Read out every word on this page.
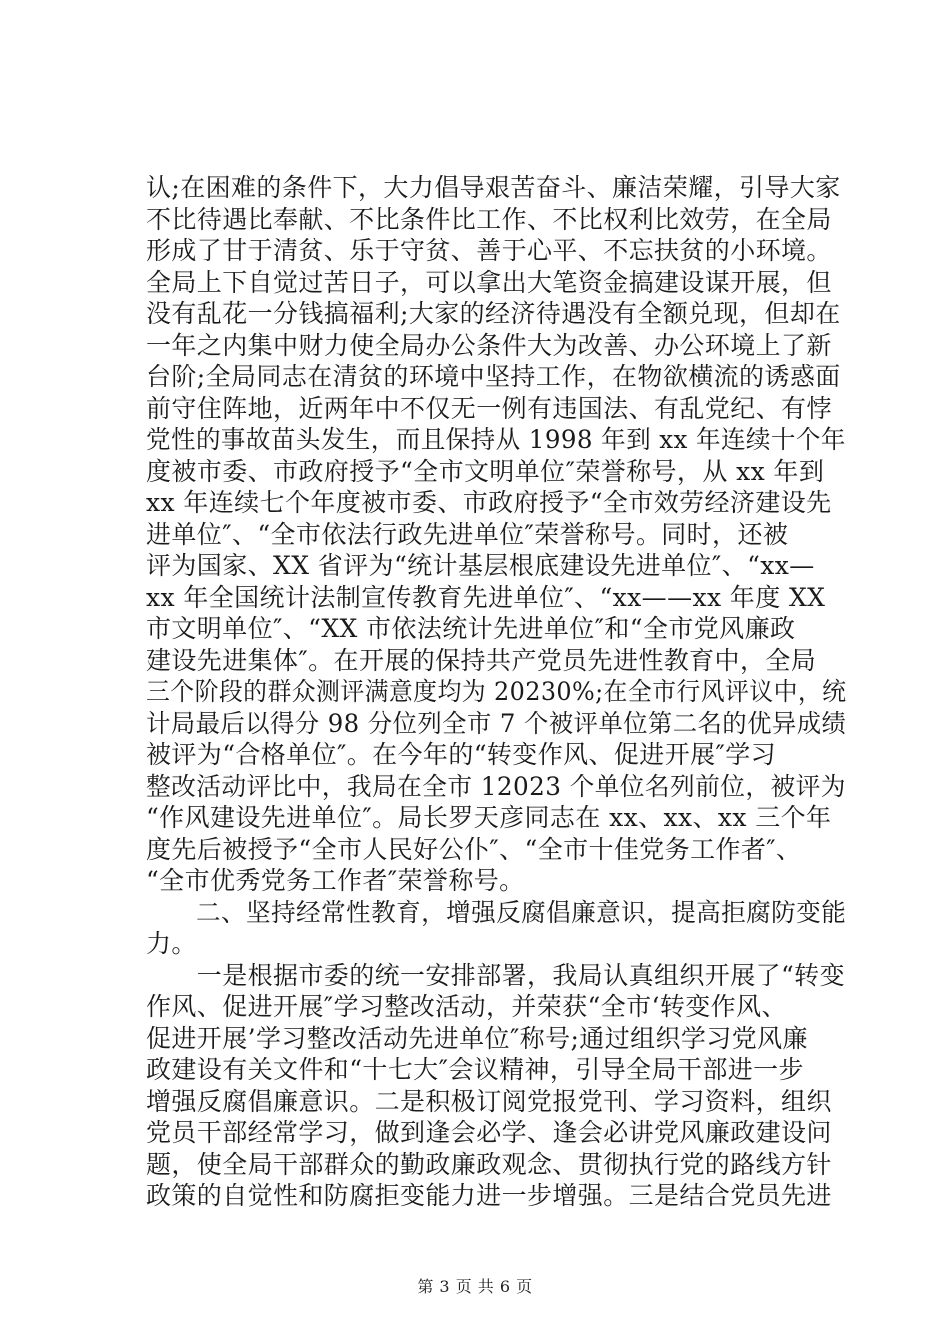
认;在困难的条件下，大力倡导艰苦奋斗、廉洁荣耀，引导大家
不比待遇比奉献、不比条件比工作、不比权利比效劳，在全局
形成了甘于清贫、乐于守贫、善于心平、不忘扶贫的小环境。
全局上下自觉过苦日子，可以拿出大笔资金搞建设谋开展，但
没有乱花一分钱搞福利;大家的经济待遇没有全额兑现，但却在
一年之内集中财力使全局办公条件大为改善、办公环境上了新
台阶;全局同志在清贫的环境中坚持工作，在物欲横流的诱惑面
前守住阵地，近两年中不仅无一例有违国法、有乱党纪、有悖
党性的事故苗头发生，而且保持从 1998 年到 xx 年连续十个年
度被市委、市政府授予“全市文明单位″荣誉称号，从 xx 年到
xx 年连续七个年度被市委、市政府授予“全市效劳经济建设先
进单位″、“全市依法行政先进单位″荣誉称号。同时，还被
评为国家、XX 省评为“统计基层根底建设先进单位″、“xx—
xx 年全国统计法制宣传教育先进单位″、“xx——xx 年度 XX
市文明单位″、“XX 市依法统计先进单位″和“全市党风廉政
建设先进集体″。在开展的保持共产党员先进性教育中，全局
三个阶段的群众测评满意度均为 20230%;在全市行风评议中，统
计局最后以得分 98 分位列全市 7 个被评单位第二名的优异成绩
被评为“合格单位″。在今年的“转变作风、促进开展″学习
整改活动评比中，我局在全市 12023 个单位名列前位，被评为
“作风建设先进单位″。局长罗天彦同志在 xx、xx、xx 三个年
度先后被授予“全市人民好公仆″、“全市十佳党务工作者″、
“全市优秀党务工作者″荣誉称号。
　　二、坚持经常性教育，增强反腐倡廉意识，提高拒腐防变能
力。
　　一是根据市委的统一安排部署，我局认真组织开展了“转变
作风、促进开展″学习整改活动，并荣获“全市‘转变作风、
促进开展’学习整改活动先进单位″称号;通过组织学习党风廉
政建设有关文件和“十七大″会议精神，引导全局干部进一步
增强反腐倡廉意识。二是积极订阅党报党刊、学习资料，组织
党员干部经常学习，做到逢会必学、逢会必讲党风廉政建设问
题，使全局干部群众的勤政廉政观念、贯彻执行党的路线方针
政策的自觉性和防腐拒变能力进一步增强。三是结合党员先进
第 3 页 共 6 页
